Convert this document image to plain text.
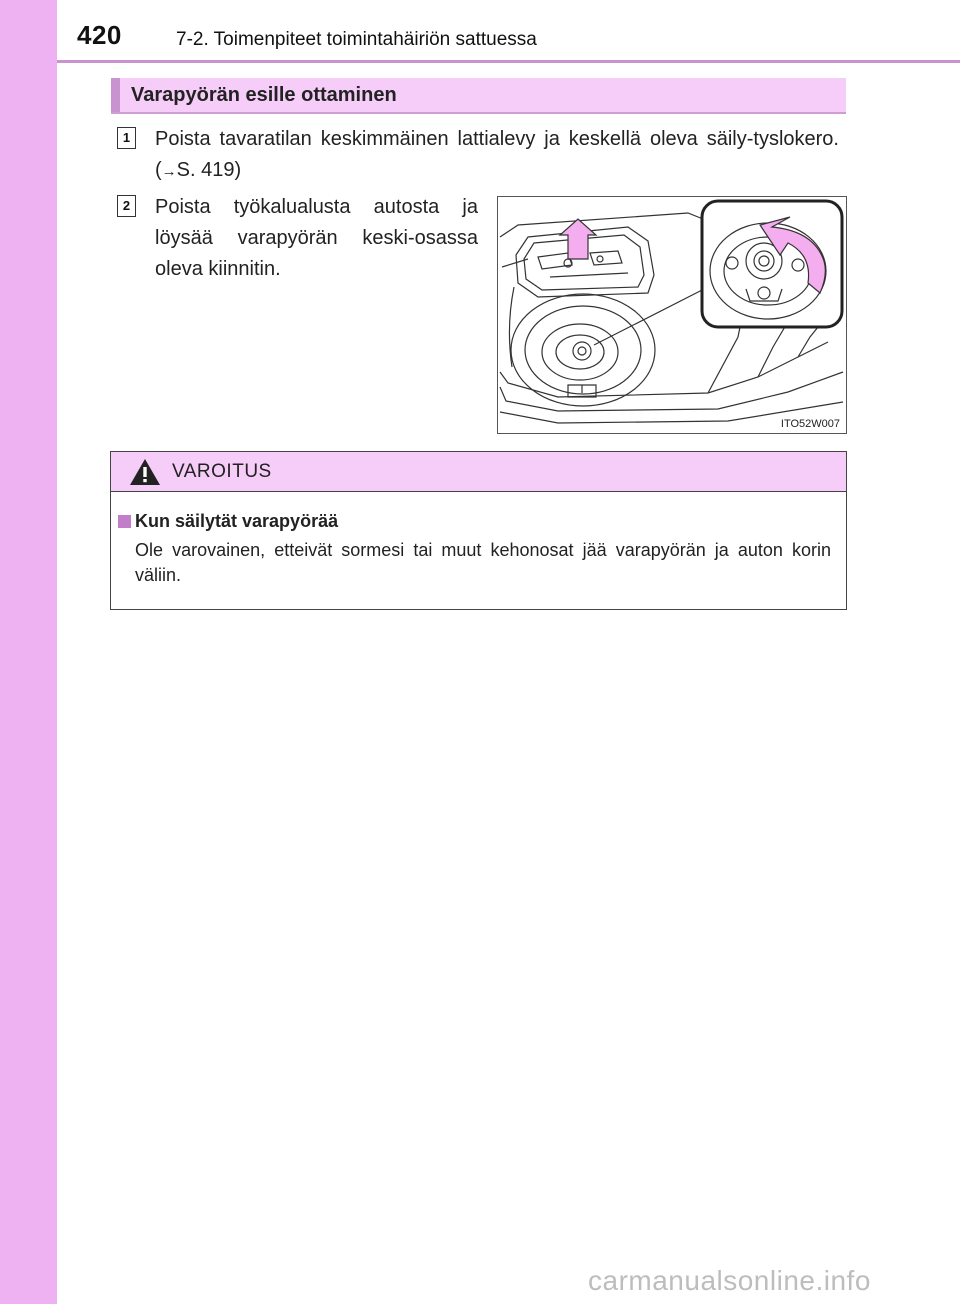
420	7-2. Toimenpiteet toimintahäiriön sattuessa
Varapyörän esille ottaminen
1 Poista tavaratilan keskimmäinen lattialevy ja keskellä oleva säily-tyslokero. (→S. 419)
2 Poista työkalualusta autosta ja löysää varapyörän keski-osassa oleva kiinnitin.
ITO52W007
VAROITUS
Kun säilytät varapyörää
Ole varovainen, etteivät sormesi tai muut kehonosat jää varapyörän ja auton korin väliin.
carmanualsonline.info
